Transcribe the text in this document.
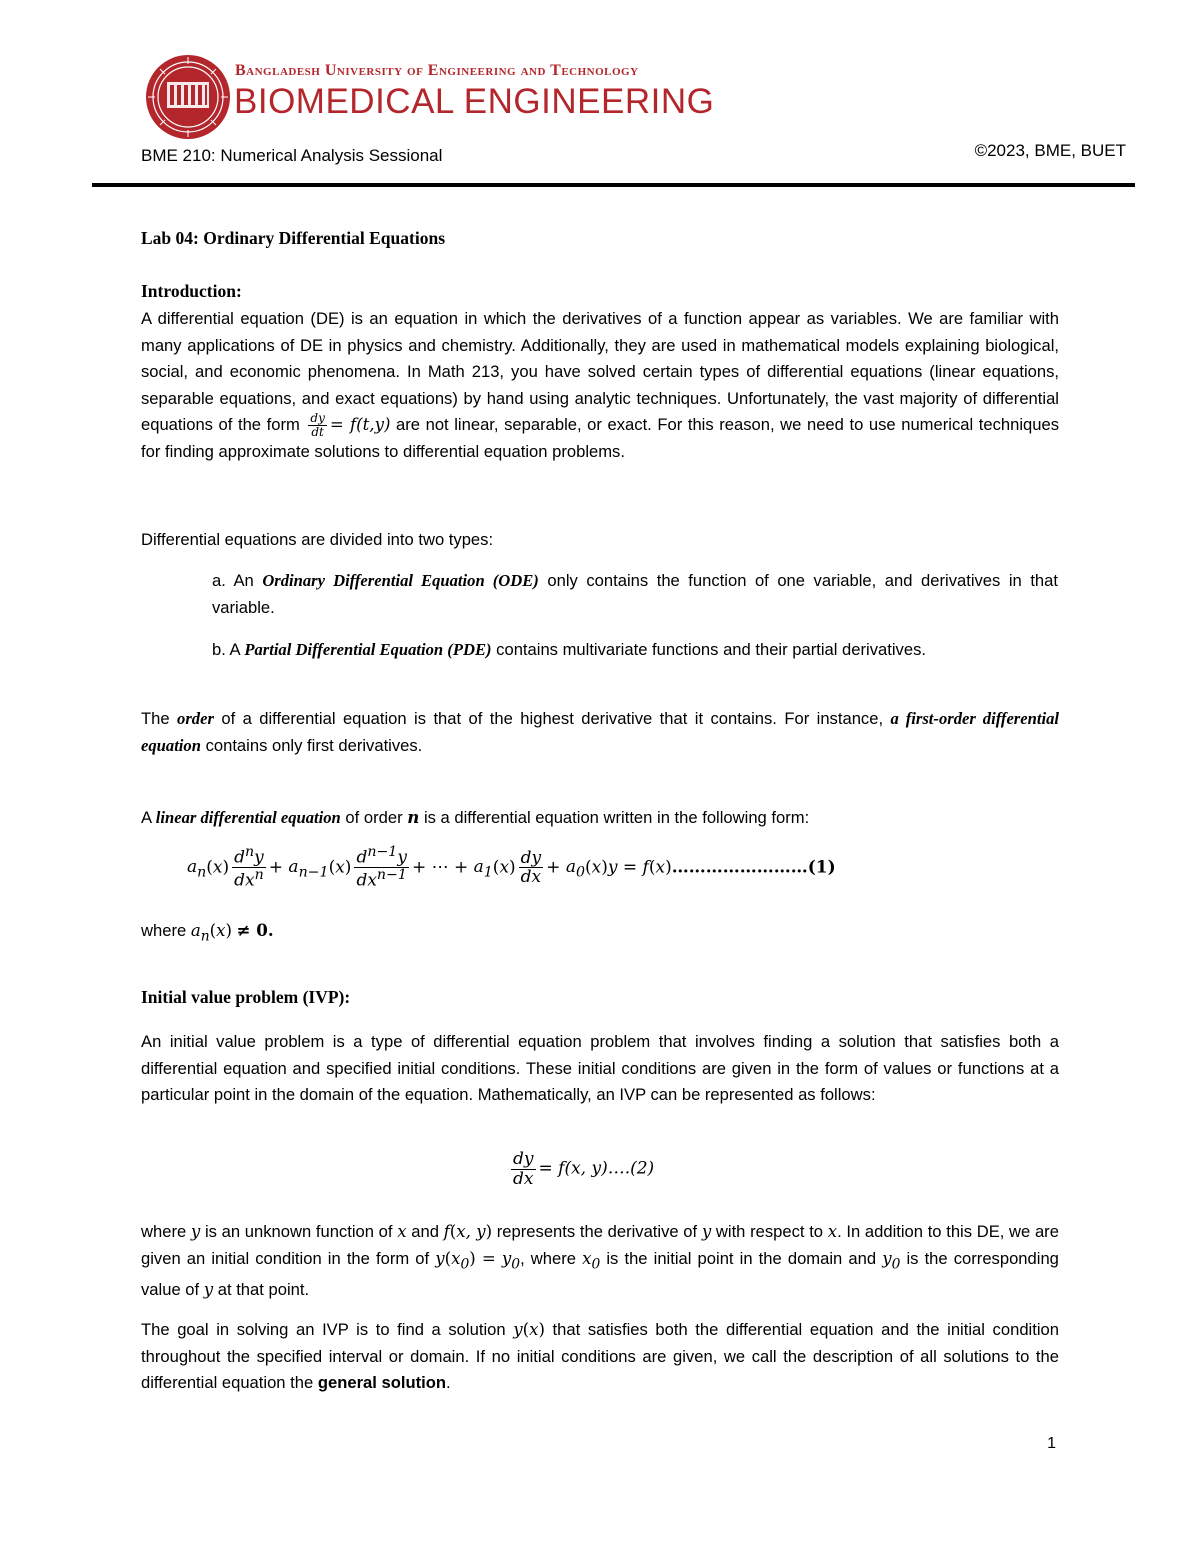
Bangladesh University of Engineering and Technology
BIOMEDICAL ENGINEERING
BME 210: Numerical Analysis Sessional	©2023, BME, BUET
Lab 04: Ordinary Differential Equations
Introduction:
A differential equation (DE) is an equation in which the derivatives of a function appear as variables. We are familiar with many applications of DE in physics and chemistry. Additionally, they are used in mathematical models explaining biological, social, and economic phenomena. In Math 213, you have solved certain types of differential equations (linear equations, separable equations, and exact equations) by hand using analytic techniques. Unfortunately, the vast majority of differential equations of the form $\frac{dy}{dt} = f(t,y)$ are not linear, separable, or exact. For this reason, we need to use numerical techniques for finding approximate solutions to differential equation problems.
Differential equations are divided into two types:
a. An Ordinary Differential Equation (ODE) only contains the function of one variable, and derivatives in that variable.
b. A Partial Differential Equation (PDE) contains multivariate functions and their partial derivatives.
The order of a differential equation is that of the highest derivative that it contains. For instance, a first-order differential equation contains only first derivatives.
A linear differential equation of order n is a differential equation written in the following form:
$a_n(x) \frac{d^ny}{dx^n} + a_{n-1}(x) \frac{d^{n-1}y}{dx^{n-1}}$ + ⋯ + $a_1(x) \frac{dy}{dx} + a_0(x)y$ = f(x)……………………(1)
where $a_n(x) \ne 0$.
Initial value problem (IVP):
An initial value problem is a type of differential equation problem that involves finding a solution that satisfies both a differential equation and specified initial conditions. These initial conditions are given in the form of values or functions at a particular point in the domain of the equation. Mathematically, an IVP can be represented as follows:
$\frac{dy}{dx} = f(x$, y)….(2)
where y is an unknown function of x and f(x, y) represents the derivative of y with respect to x. In addition to this DE, we are given an initial condition in the form of $y(x_0) = y_0$, where $x_0$ is the initial point in the domain and $y_0$ is the corresponding value of y at that point.
The goal in solving an IVP is to find a solution y(x) that satisfies both the differential equation and the initial condition throughout the specified interval or domain. If no initial conditions are given, we call the description of all solutions to the differential equation the general solution.
1
